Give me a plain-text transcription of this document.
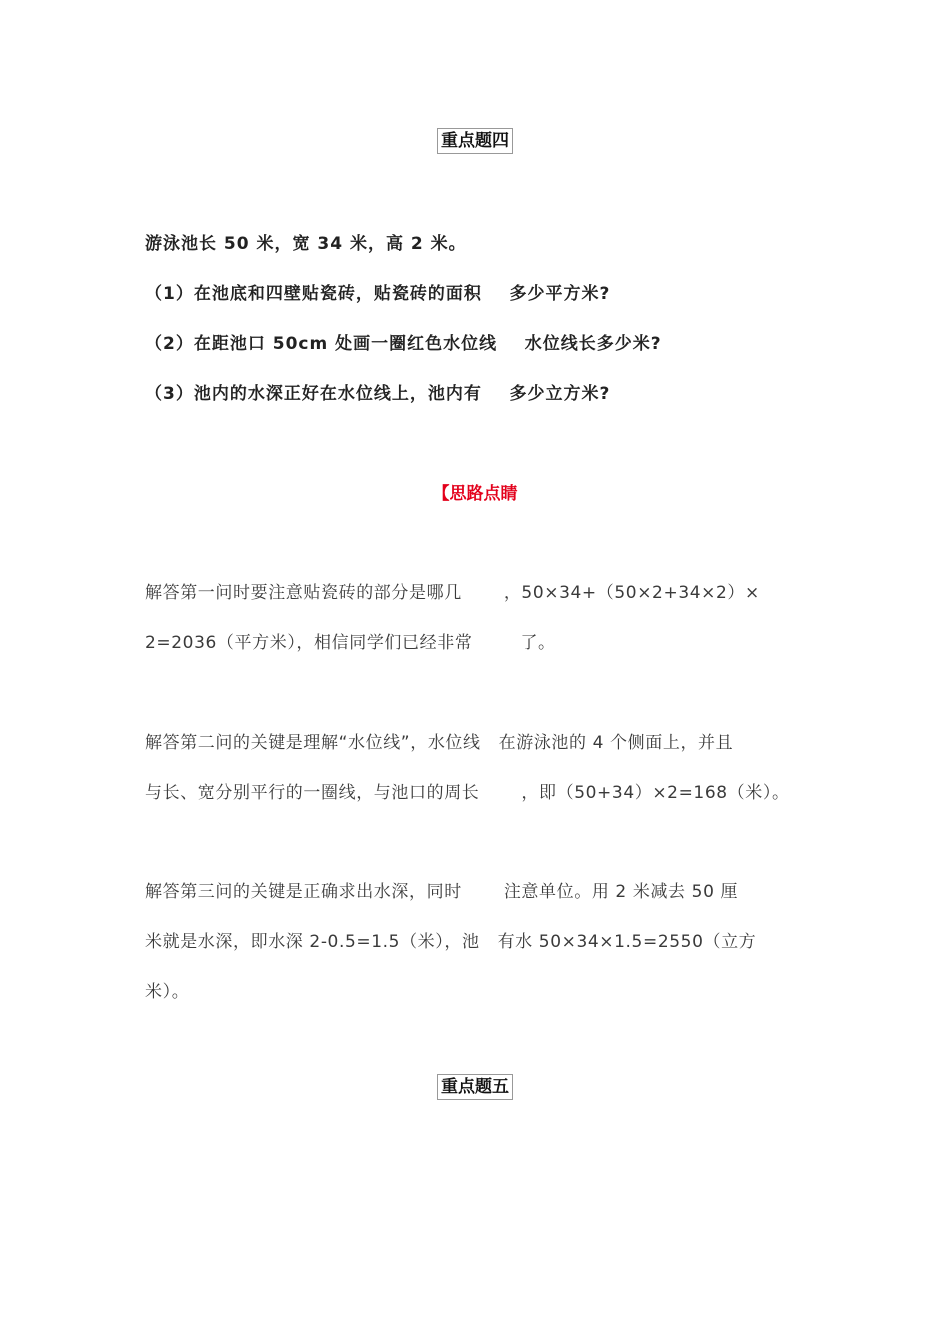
重点题四
游泳池长 50 米，宽 34 米，高 2 米。
（1）在池底和四壁贴瓷砖，贴瓷砖的面积    多少平方米?
（2）在距池口 50cm 处画一圈红色水位线    水位线长多少米?
（3）池内的水深正好在水位线上，池内有    多少立方米?
【思路点睛
解答第一问时要注意贴瓷砖的部分是哪几       ，50×34+（50×2+34×2）×
2=2036（平方米），相信同学们已经非常        了。
解答第二问的关键是理解“水位线”，水位线   在游泳池的 4 个侧面上，并且
与长、宽分别平行的一圈线，与池口的周长       ，即（50+34）×2=168（米）。
解答第三问的关键是正确求出水深，同时       注意单位。用 2 米减去 50 厘
米就是水深，即水深 2-0.5=1.5（米），池   有水 50×34×1.5=2550（立方
米）。
重点题五
